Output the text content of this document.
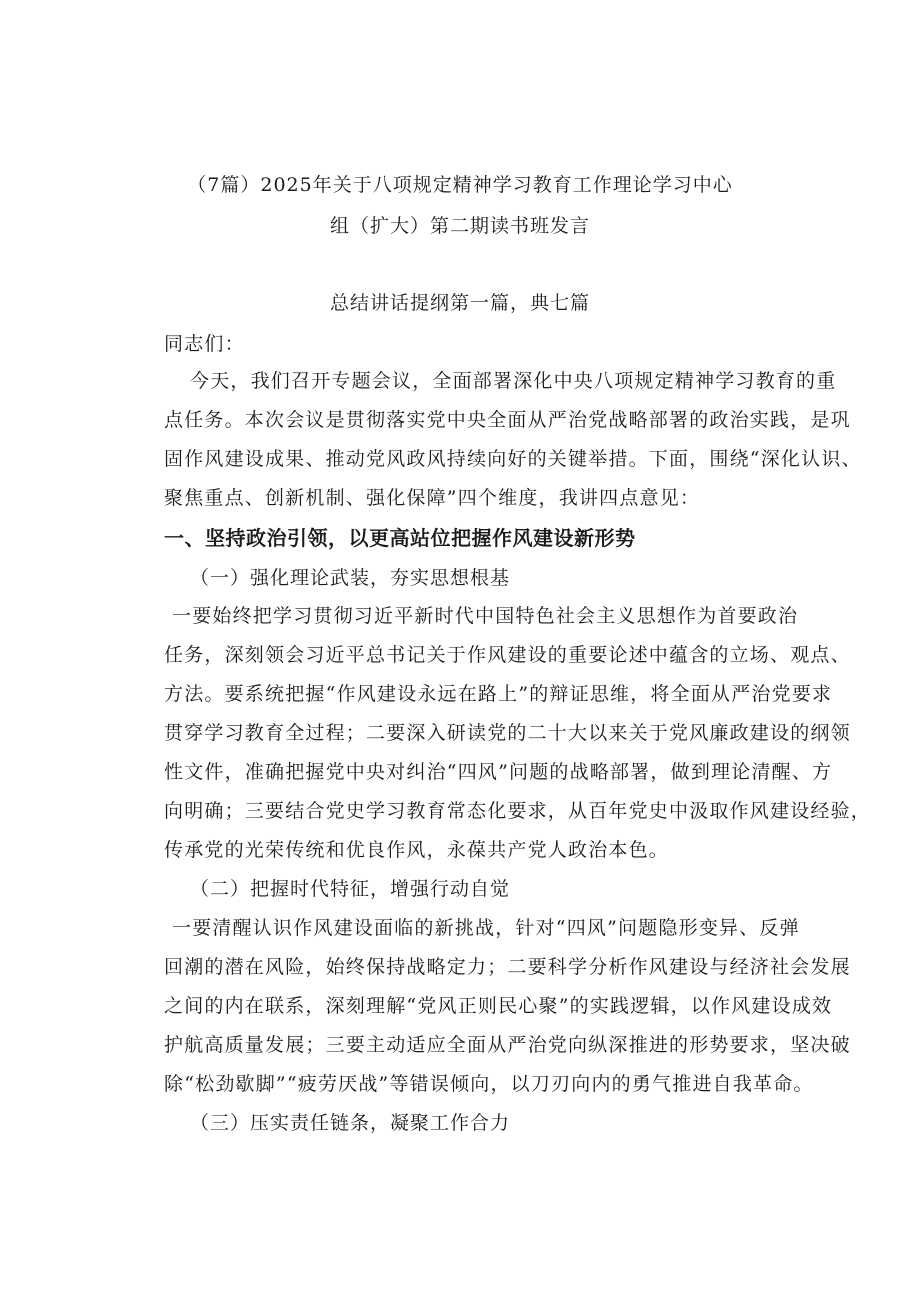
（7篇）2025年关于八项规定精神学习教育工作理论学习中心
组（扩大）第二期读书班发言
总结讲话提纲第一篇，典七篇
同志们：
今天，我们召开专题会议，全面部署深化中央八项规定精神学习教育的重
点任务。本次会议是贯彻落实党中央全面从严治党战略部署的政治实践，是巩
固作风建设成果、推动党风政风持续向好的关键举措。下面，围绕“深化认识、
聚焦重点、创新机制、强化保障”四个维度，我讲四点意见：
一、坚持政治引领，以更高站位把握作风建设新形势
（一）强化理论武装，夯实思想根基
一要始终把学习贯彻习近平新时代中国特色社会主义思想作为首要政治
任务，深刻领会习近平总书记关于作风建设的重要论述中蕴含的立场、观点、
方法。要系统把握“作风建设永远在路上”的辩证思维，将全面从严治党要求
贯穿学习教育全过程；二要深入研读党的二十大以来关于党风廉政建设的纲领
性文件，准确把握党中央对纠治“四风”问题的战略部署，做到理论清醒、方
向明确；三要结合党史学习教育常态化要求，从百年党史中汲取作风建设经验，
传承党的光荣传统和优良作风，永葆共产党人政治本色。
（二）把握时代特征，增强行动自觉
一要清醒认识作风建设面临的新挑战，针对“四风”问题隐形变异、反弹
回潮的潜在风险，始终保持战略定力；二要科学分析作风建设与经济社会发展
之间的内在联系，深刻理解“党风正则民心聚”的实践逻辑，以作风建设成效
护航高质量发展；三要主动适应全面从严治党向纵深推进的形势要求，坚决破
除“松劲歇脚”“疲劳厌战”等错误倾向，以刀刃向内的勇气推进自我革命。
（三）压实责任链条，凝聚工作合力
